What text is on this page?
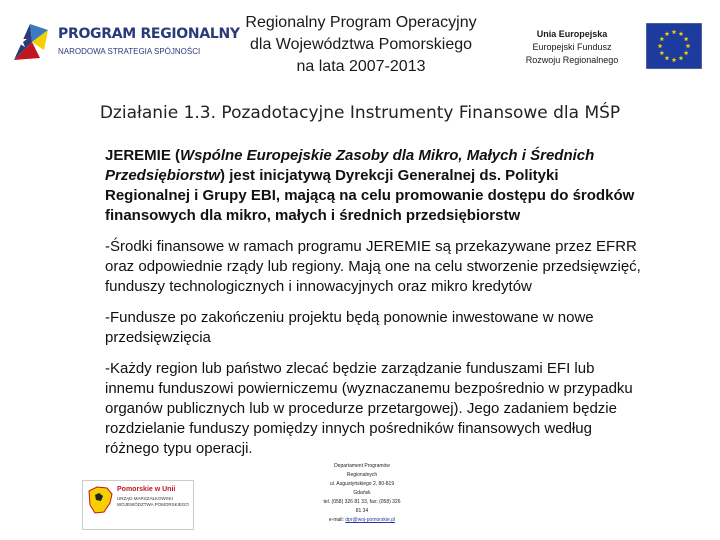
PROGRAM REGIONALNY
NARODOWA STRATEGIA SPÓJNOŚCI
Regionalny Program Operacyjny
dla Województwa Pomorskiego
na lata 2007-2013
Unia Europejska
Europejski Fundusz
Rozwoju Regionalnego
Działanie 1.3. Pozadotacyjne Instrumenty Finansowe dla MŚP

JEREMIE (Wspólne Europejskie Zasoby dla Mikro, Małych i Średnich Przedsiębiorstw) jest inicjatywą Dyrekcji Generalnej ds. Polityki Regionalnej i Grupy EBI, mającą na celu promowanie dostępu do środków finansowych dla mikro, małych i średnich przedsiębiorstw

-Środki finansowe w ramach programu JEREMIE są przekazywane przez EFRR oraz odpowiednie rządy lub regiony. Mają one na celu stworzenie przedsięwzięć, funduszy technologicznych i innowacyjnych oraz mikro kredytów

-Fundusze po zakończeniu projektu będą ponownie inwestowane w nowe przedsięwzięcia

-Każdy region lub państwo zlecać będzie zarządzanie funduszami EFI lub innemu funduszowi powierniczemu (wyznaczanemu bezpośrednio w przypadku organów publicznych lub w procedurze przetargowej). Jego zadaniem będzie rozdzielanie funduszy pomiędzy innych pośredników finansowych według różnego typu operacji.

Pomorskie w Unii
URZĄD MARSZAŁKOWSKI WOJEWÓDZTWA POMORSKIEGO
Departament Programów
Regionalnych
ul. Augustyńskiego 2, 80-819
Gdańsk
tel. (058) 326 81 33, fax: (058) 326
81 34
e-mail: dpr@woj-pomorskie.pl
